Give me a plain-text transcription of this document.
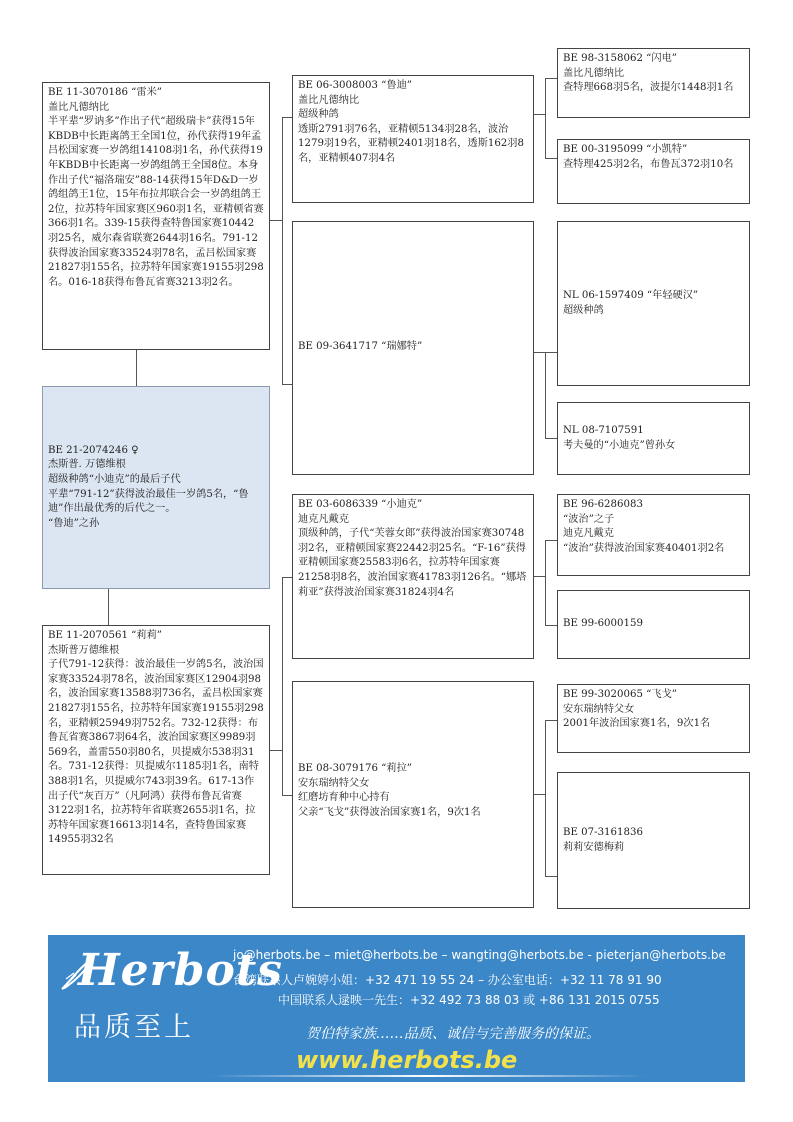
BE 11-3070186 “雷米”
盖比凡德纳比
半平辈“罗讷多”作出子代“超级瑞卡”获得15年KBDB中长距离鸽王全国1位，孙代获得19年孟吕松国家赛一岁鸽组14108羽1名，孙代获得19年KBDB中长距离一岁鸽组鸽王全国8位。本身作出子代“福洛瑞安”88-14获得15年D&D一岁鸽组鸽王1位，15年布拉邦联合会一岁鸽组鸽王2位，拉苏特年国家赛区960羽1名，亚精顿省赛366羽1名。339-15获得查特鲁国家赛10442羽25名，威尔森省联赛2644羽16名。791-12获得波治国家赛33524羽78名，孟吕松国家赛21827羽155名，拉苏特年国家赛19155羽298名。016-18获得布鲁瓦省赛3213羽2名。
BE 21-2074246 ♀
杰斯普. 万德维根
超级种鸽“小迪克”的最后子代
平辈“791-12”获得波治最佳一岁鸽5名，“鲁迪”作出最优秀的后代之一。
“鲁迪”之孙
BE 11-2070561 “莉莉”
杰斯普万德维根
子代791-12获得：波治最佳一岁鸽5名，波治国家赛33524羽78名，波治国家赛区12904羽98名，波治国家赛13588羽736名，孟吕松国家赛21827羽155名，拉苏特年国家赛19155羽298名，亚精顿25949羽752名。732-12获得：布鲁瓦省赛3867羽64名，波治国家赛区9989羽569名，盖雷550羽80名，贝提威尔538羽31名。731-12获得：贝提威尔1185羽1名，南特388羽1名，贝提威尔743羽39名。617-13作出子代“灰百万”（凡阿鸿）获得布鲁瓦省赛3122羽1名，拉苏特年省联赛2655羽1名，拉苏特年国家赛16613羽14名，查特鲁国家赛14955羽32名
BE 06-3008003 “鲁迪”
盖比凡德纳比
超级种鸽
透斯2791羽76名，亚精顿5134羽28名，波治1279羽19名，亚精顿2401羽18名，透斯162羽8名，亚精顿407羽4名
BE 09-3641717 “瑞娜特”
BE 03-6086339 “小迪克”
迪克凡戴克
顶级种鸽，子代“芙蓉女郎”获得波治国家赛30748羽2名，亚精顿国家赛22442羽25名。“F-16”获得亚精顿国家赛25583羽6名，拉苏特年国家赛21258羽8名，波治国家赛41783羽126名。“娜塔莉亚”获得波治国家赛31824羽4名
BE 08-3079176 “莉拉”
安东瑞纳特父女
红磨坊育种中心持有
父亲“飞戈”获得波治国家赛1名，9次1名
BE 98-3158062 “闪电”
盖比凡德纳比
查特理668羽5名，波提尔1448羽1名
BE 00-3195099 “小凯特”
查特理425羽2名，布鲁瓦372羽10名
NL 06-1597409 “年轻硬汉”
超级种鸽
NL 08-7107591
考夫曼的“小迪克”曾孙女
BE 96-6286083
“波治”之子
迪克凡戴克
“波治”获得波治国家赛40401羽2名
BE 99-6000159
BE 99-3020065 “飞戈”
安东瑞纳特父女
2001年波治国家赛1名，9次1名
BE 07-3161836
莉莉安德梅莉
Herbots
品质至上
jo@herbots.be – miet@herbots.be – wangting@herbots.be - pieterjan@herbots.be
台湾联系人卢婉婷小姐：+32 471 19 55 24 – 办公室电话：+32 11 78 91 90
中国联系人逯映一先生：+32 492 73 88 03 或 +86 131 2015 0755
贺伯特家族……品质、诚信与完善服务的保证。
www.herbots.be
